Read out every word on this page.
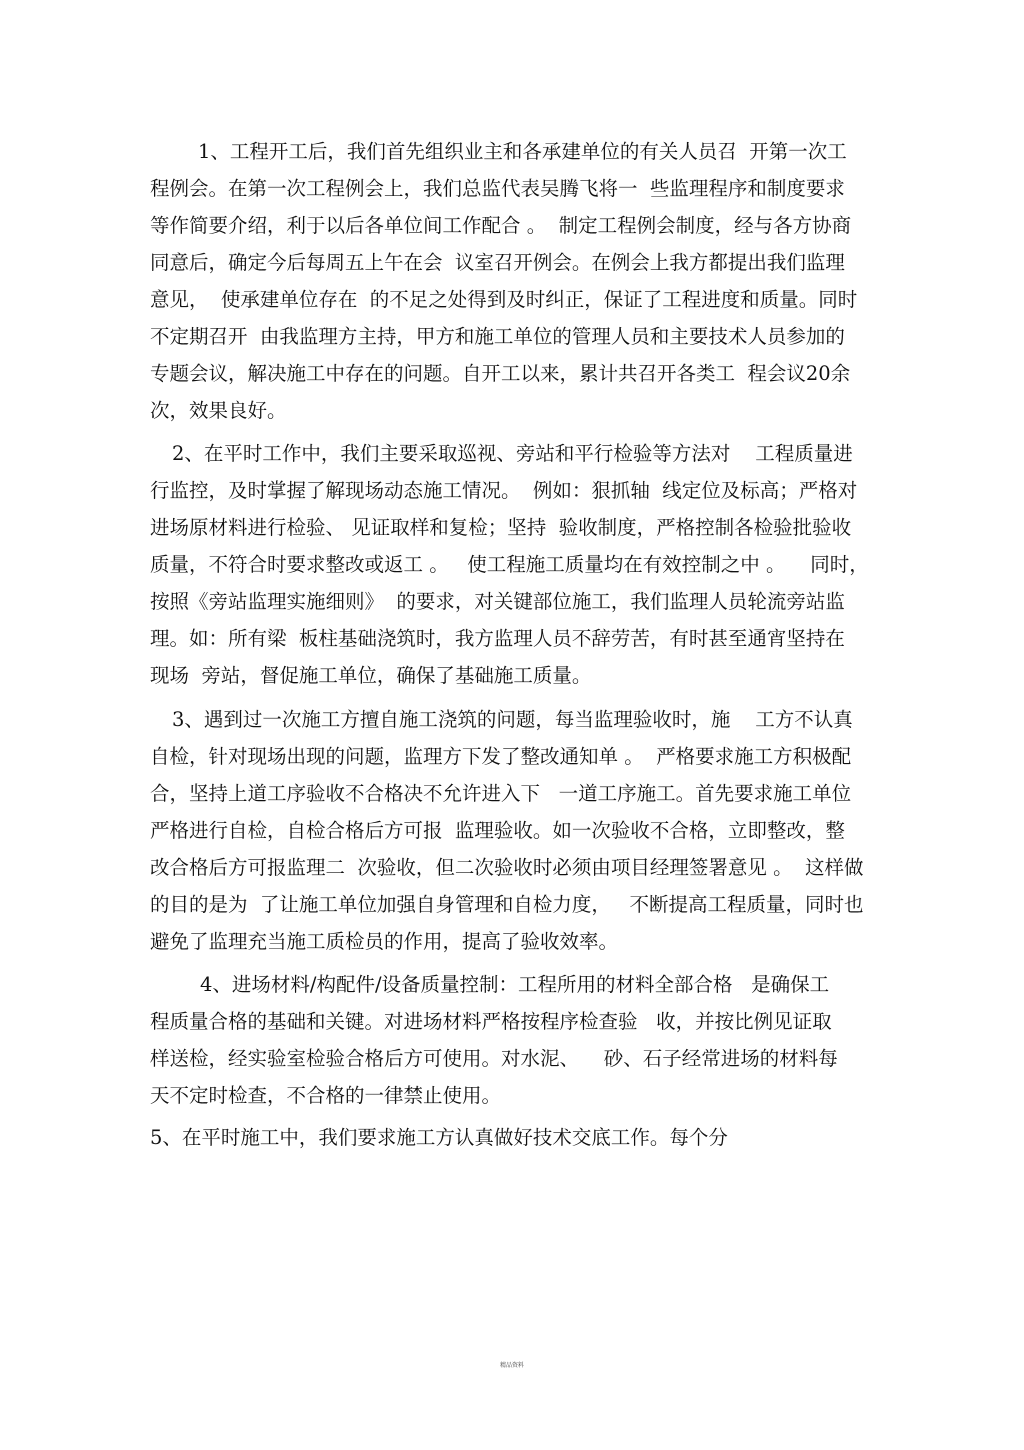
1、工程开工后，我们首先组织业主和各承建单位的有关人员召  开第一次工
程例会。在第一次工程例会上，我们总监代表吴腾飞将一  些监理程序和制度要求
等作简要介绍，利于以后各单位间工作配合 。  制定工程例会制度，经与各方协商
同意后，确定今后每周五上午在会  议室召开例会。在例会上我方都提出我们监理
意见，  使承建单位存在  的不足之处得到及时纠正，保证了工程进度和质量。同时
不定期召开  由我监理方主持，甲方和施工单位的管理人员和主要技术人员参加的
专题会议，解决施工中存在的问题。自开工以来，累计共召开各类工  程会议20余
次，效果良好。
2、在平时工作中，我们主要采取巡视、旁站和平行检验等方法对    工程质量进
行监控，及时掌握了解现场动态施工情况。  例如：狠抓轴  线定位及标高；严格对
进场原材料进行检验、 见证取样和复检；坚持  验收制度，严格控制各检验批验收
质量，不符合时要求整改或返工 。   使工程施工质量均在有效控制之中 。    同时，
按照《旁站监理实施细则》  的要求，对关键部位施工，我们监理人员轮流旁站监
理。如：所有梁  板柱基础浇筑时，我方监理人员不辞劳苦，有时甚至通宵坚持在
现场  旁站，督促施工单位，确保了基础施工质量。
3、遇到过一次施工方擅自施工浇筑的问题，每当监理验收时，施    工方不认真
自检，针对现场出现的问题，监理方下发了整改通知单 。  严格要求施工方积极配
合，坚持上道工序验收不合格决不允许进入下   一道工序施工。首先要求施工单位
严格进行自检，自检合格后方可报  监理验收。如一次验收不合格，立即整改，整
改合格后方可报监理二  次验收，但二次验收时必须由项目经理签署意见 。  这样做
的目的是为  了让施工单位加强自身管理和自检力度，   不断提高工程质量，同时也
避免了监理充当施工质检员的作用，提高了验收效率。
4、进场材料/构配件/设备质量控制：工程所用的材料全部合格   是确保工
程质量合格的基础和关键。对进场材料严格按程序检查验   收，并按比例见证取
样送检，经实验室检验合格后方可使用。对水泥、    砂、石子经常进场的材料每
天不定时检查，不合格的一律禁止使用。
5、在平时施工中，我们要求施工方认真做好技术交底工作。每个分
精品资料
